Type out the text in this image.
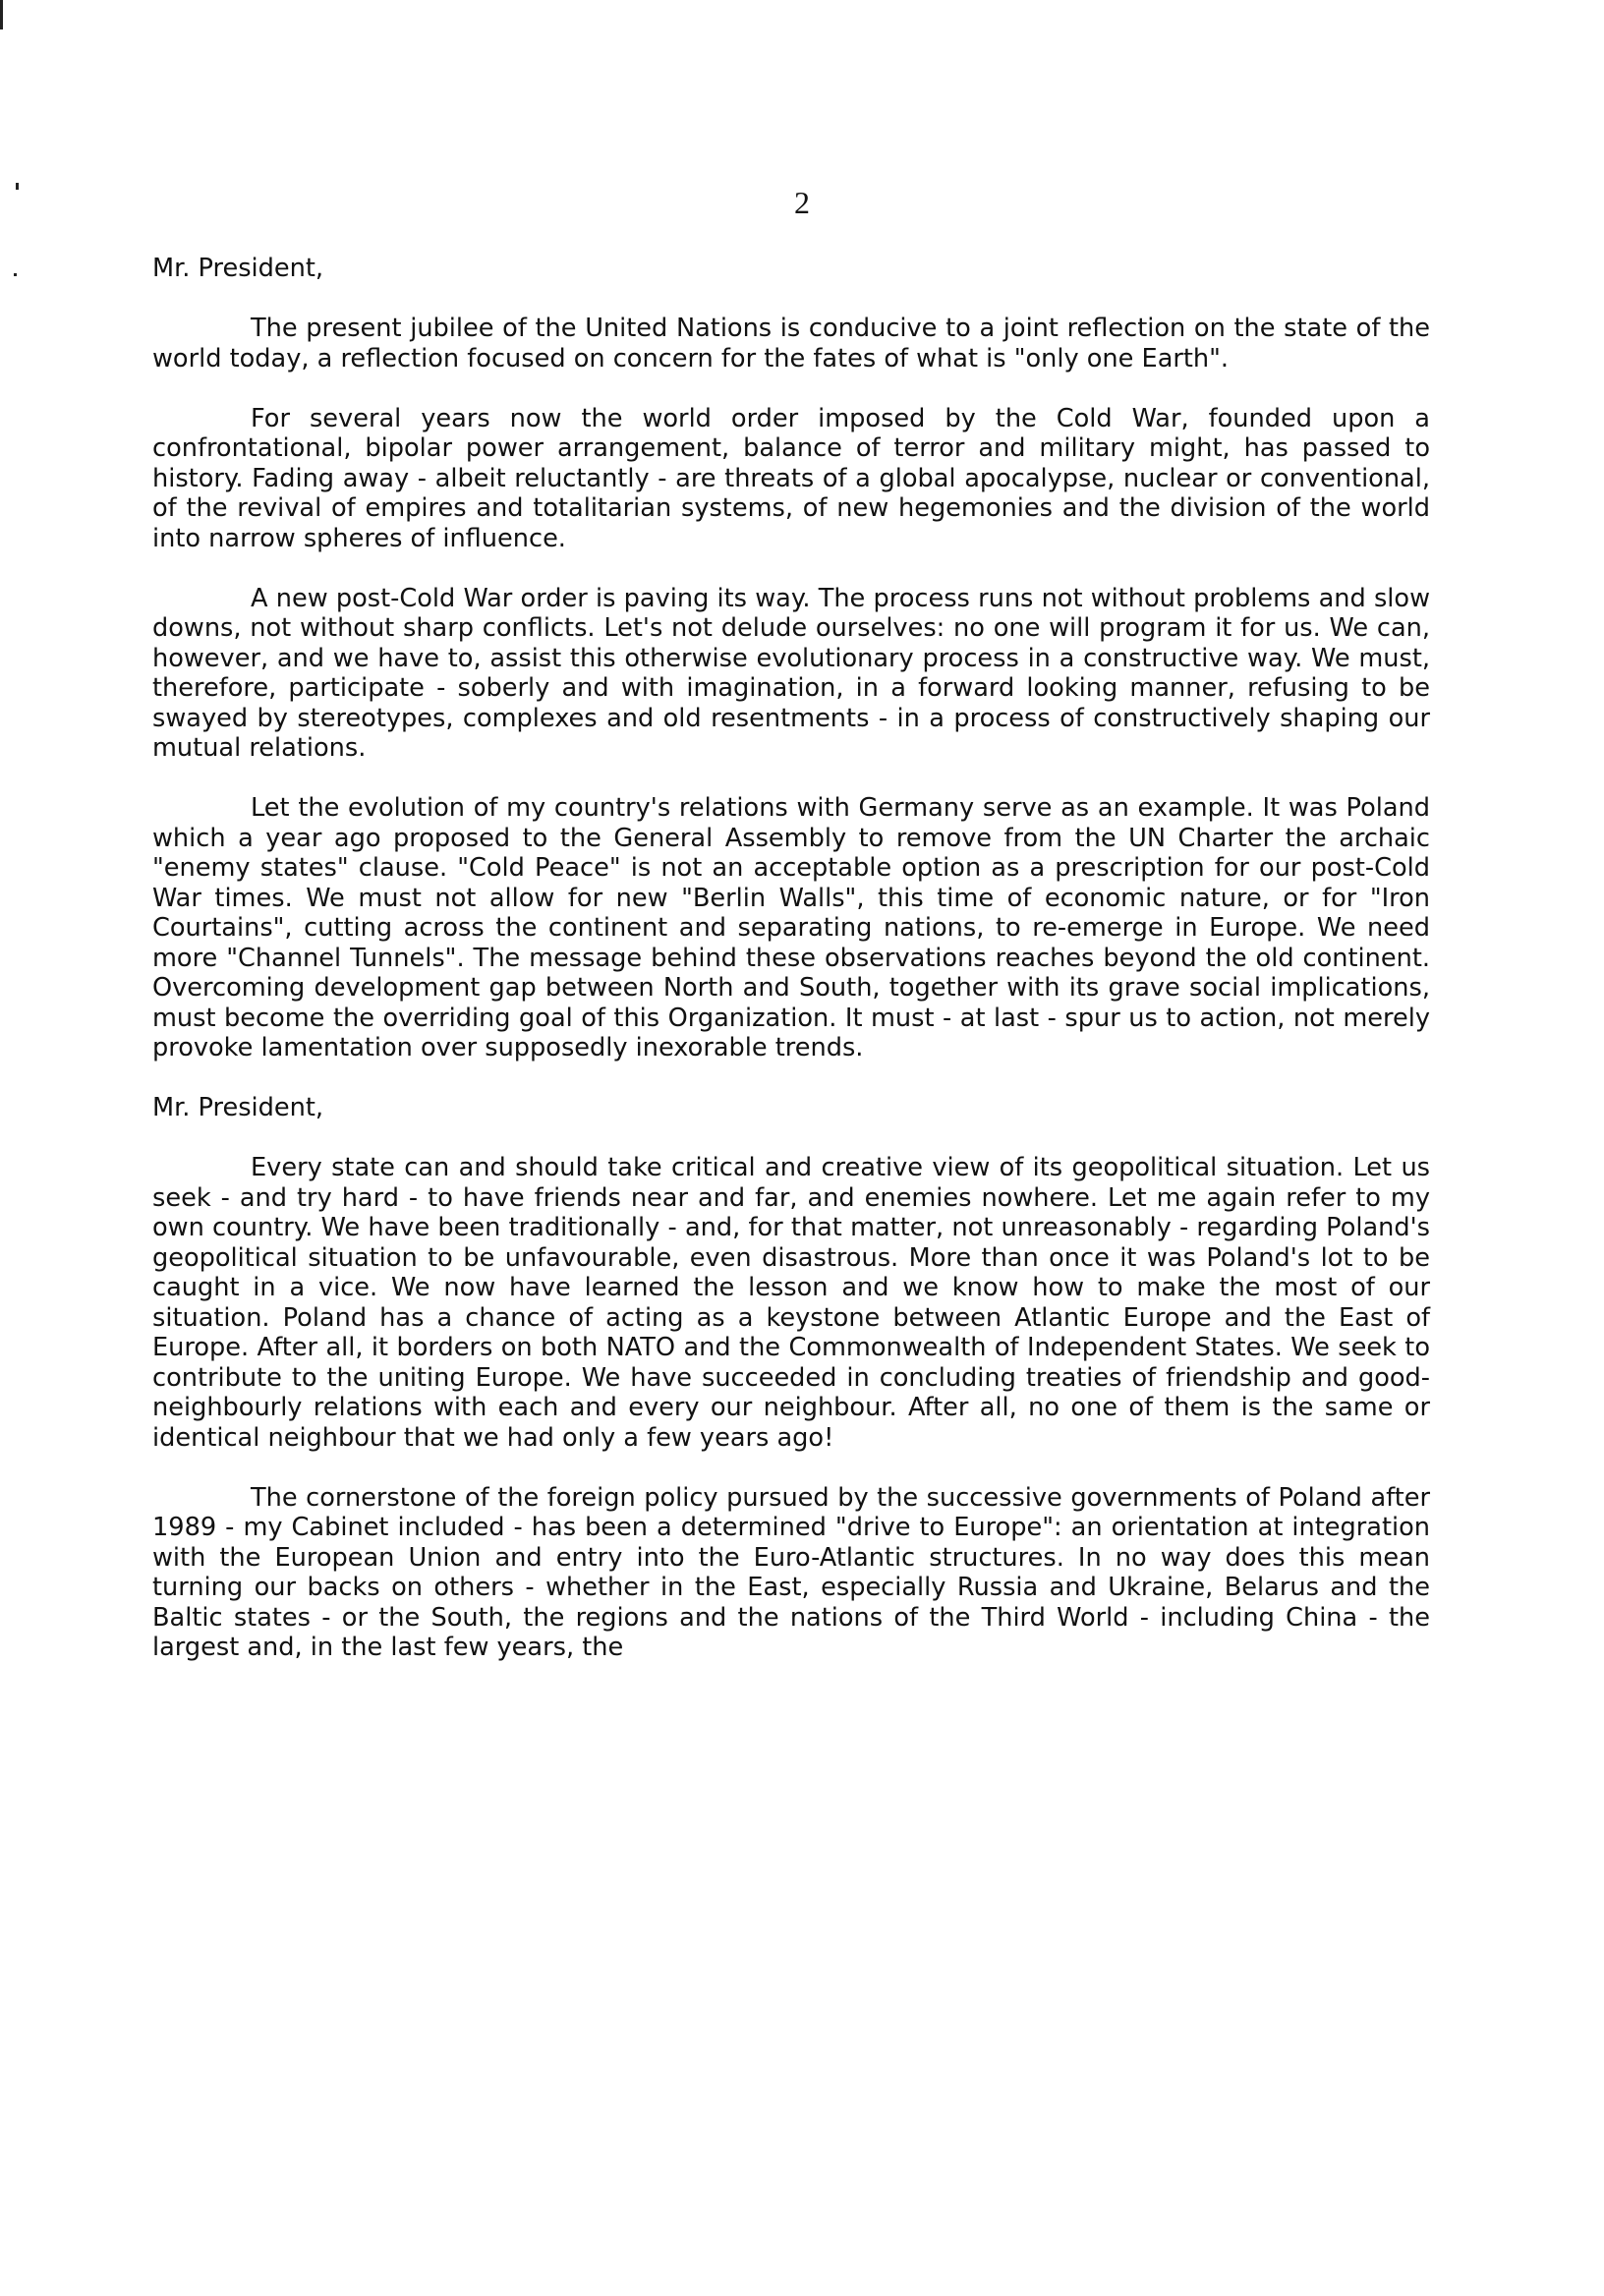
2

Mr. President,

The present jubilee of the United Nations is conducive to a joint reflection on the state of the world today, a reflection focused on concern for the fates of what is "only one Earth".

For several years now the world order imposed by the Cold War, founded upon a confrontational, bipolar power arrangement, balance of terror and military might, has passed to history. Fading away - albeit reluctantly - are threats of a global apocalypse, nuclear or conventional, of the revival of empires and totalitarian systems, of new hegemonies and the division of the world into narrow spheres of influence.

A new post-Cold War order is paving its way. The process runs not without problems and slow downs, not without sharp conflicts. Let's not delude ourselves: no one will program it for us. We can, however, and we have to, assist this otherwise evolutionary process in a constructive way. We must, therefore, participate - soberly and with imagination, in a forward looking manner, refusing to be swayed by stereotypes, complexes and old resentments - in a process of constructively shaping our mutual relations.

Let the evolution of my country's relations with Germany serve as an example. It was Poland which a year ago proposed to the General Assembly to remove from the UN Charter the archaic "enemy states" clause. "Cold Peace" is not an acceptable option as a prescription for our post-Cold War times. We must not allow for new "Berlin Walls", this time of economic nature, or for "Iron Courtains", cutting across the continent and separating nations, to re-emerge in Europe. We need more "Channel Tunnels". The message behind these observations reaches beyond the old continent. Overcoming development gap between North and South, together with its grave social implications, must become the overriding goal of this Organization. It must - at last - spur us to action, not merely provoke lamentation over supposedly inexorable trends.

Mr. President,

Every state can and should take critical and creative view of its geopolitical situation. Let us seek - and try hard - to have friends near and far, and enemies nowhere. Let me again refer to my own country. We have been traditionally - and, for that matter, not unreasonably - regarding Poland's geopolitical situation to be unfavourable, even disastrous. More than once it was Poland's lot to be caught in a vice. We now have learned the lesson and we know how to make the most of our situation. Poland has a chance of acting as a keystone between Atlantic Europe and the East of Europe. After all, it borders on both NATO and the Commonwealth of Independent States. We seek to contribute to the uniting Europe. We have succeeded in concluding treaties of friendship and good-neighbourly relations with each and every our neighbour. After all, no one of them is the same or identical neighbour that we had only a few years ago!

The cornerstone of the foreign policy pursued by the successive governments of Poland after 1989 - my Cabinet included - has been a determined "drive to Europe": an orientation at integration with the European Union and entry into the Euro-Atlantic structures. In no way does this mean turning our backs on others - whether in the East, especially Russia and Ukraine, Belarus and the Baltic states - or the South, the regions and the nations of the Third World - including China - the largest and, in the last few years, the
